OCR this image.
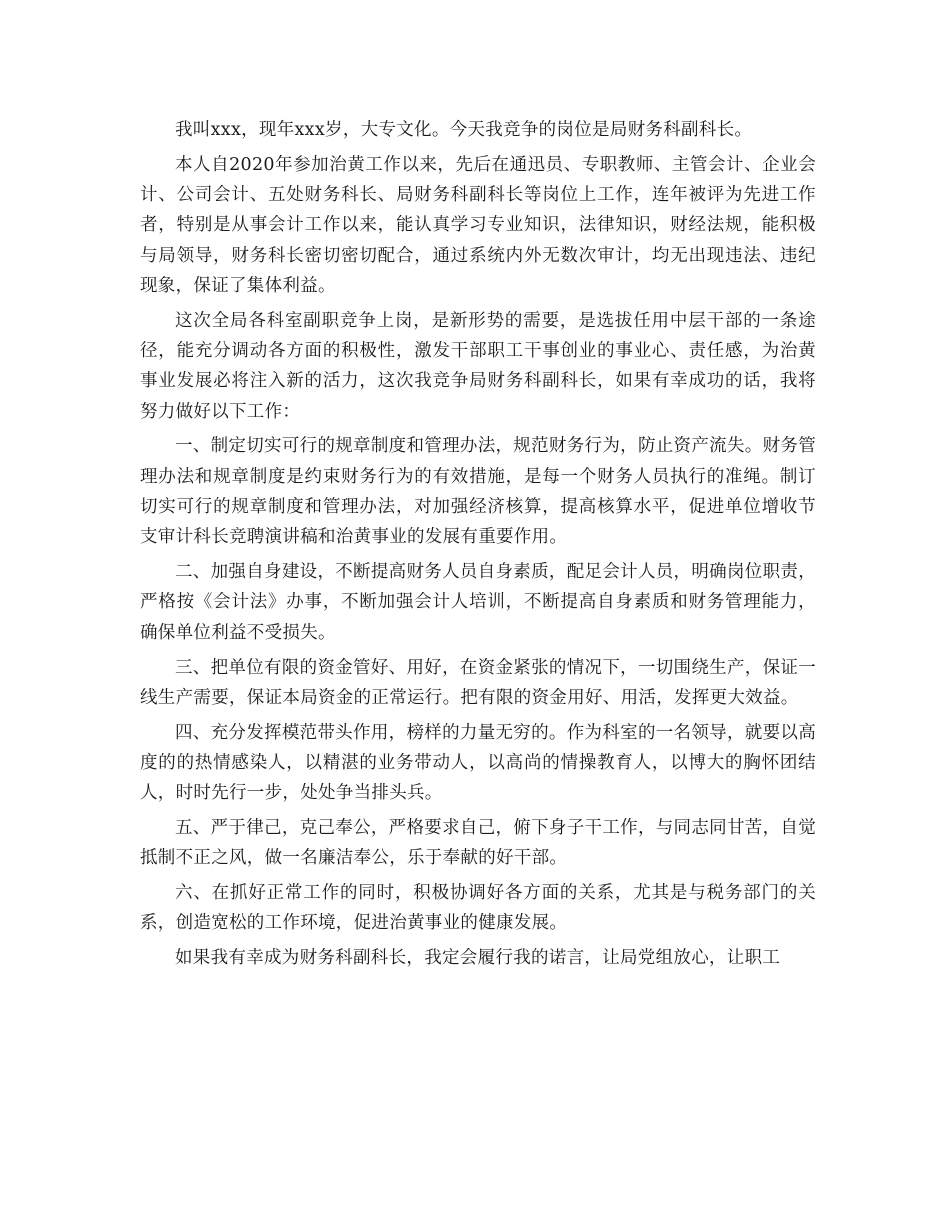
我叫xxx，现年xxx岁，大专文化。今天我竞争的岗位是局财务科副科长。

本人自2020年参加治黄工作以来，先后在通迅员、专职教师、主管会计、企业会计、公司会计、五处财务科长、局财务科副科长等岗位上工作，连年被评为先进工作者，特别是从事会计工作以来，能认真学习专业知识，法律知识，财经法规，能积极与局领导，财务科长密切密切配合，通过系统内外无数次审计，均无出现违法、违纪现象，保证了集体利益。

这次全局各科室副职竞争上岗，是新形势的需要，是选拔任用中层干部的一条途径，能充分调动各方面的积极性，激发干部职工干事创业的事业心、责任感，为治黄事业发展必将注入新的活力，这次我竞争局财务科副科长，如果有幸成功的话，我将努力做好以下工作：

一、制定切实可行的规章制度和管理办法，规范财务行为，防止资产流失。财务管理办法和规章制度是约束财务行为的有效措施，是每一个财务人员执行的准绳。制订切实可行的规章制度和管理办法，对加强经济核算，提高核算水平，促进单位增收节支审计科长竞聘演讲稿和治黄事业的发展有重要作用。

二、加强自身建设，不断提高财务人员自身素质，配足会计人员，明确岗位职责，严格按《会计法》办事，不断加强会计人培训，不断提高自身素质和财务管理能力，确保单位利益不受损失。

三、把单位有限的资金管好、用好，在资金紧张的情况下，一切围绕生产，保证一线生产需要，保证本局资金的正常运行。把有限的资金用好、用活，发挥更大效益。

四、充分发挥模范带头作用，榜样的力量无穷的。作为科室的一名领导，就要以高度的的热情感染人，以精湛的业务带动人，以高尚的情操教育人，以博大的胸怀团结人，时时先行一步，处处争当排头兵。

五、严于律己，克己奉公，严格要求自己，俯下身子干工作，与同志同甘苦，自觉抵制不正之风，做一名廉洁奉公，乐于奉献的好干部。

六、在抓好正常工作的同时，积极协调好各方面的关系，尤其是与税务部门的关系，创造宽松的工作环境，促进治黄事业的健康发展。

如果我有幸成为财务科副科长，我定会履行我的诺言，让局党组放心，让职工
